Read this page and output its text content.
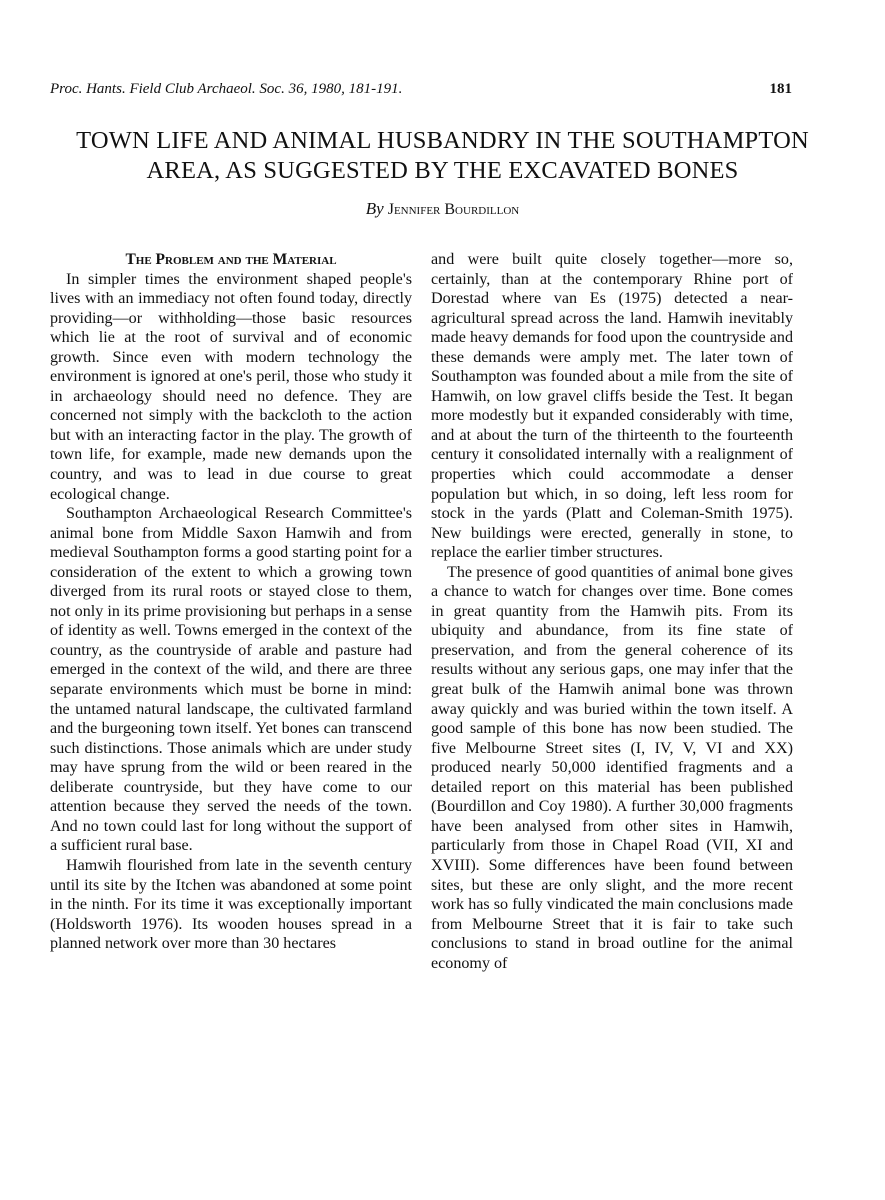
Proc. Hants. Field Club Archaeol. Soc. 36, 1980, 181-191.	181
TOWN LIFE AND ANIMAL HUSBANDRY IN THE SOUTHAMPTON
AREA, AS SUGGESTED BY THE EXCAVATED BONES
By Jennifer Bourdillon
The Problem and the Material

In simpler times the environment shaped people's lives with an immediacy not often found today, directly providing—or withholding—those basic resources which lie at the root of survival and of economic growth. Since even with modern technology the environment is ignored at one's peril, those who study it in archaeology should need no defence. They are concerned not simply with the backcloth to the action but with an interacting factor in the play. The growth of town life, for example, made new demands upon the country, and was to lead in due course to great ecological change.

Southampton Archaeological Research Committee's animal bone from Middle Saxon Hamwih and from medieval Southampton forms a good starting point for a consideration of the extent to which a growing town diverged from its rural roots or stayed close to them, not only in its prime provisioning but perhaps in a sense of identity as well. Towns emerged in the context of the country, as the countryside of arable and pasture had emerged in the context of the wild, and there are three separate environments which must be borne in mind: the untamed natural landscape, the cultivated farmland and the burgeoning town itself. Yet bones can transcend such distinctions. Those animals which are under study may have sprung from the wild or been reared in the deliberate countryside, but they have come to our attention because they served the needs of the town. And no town could last for long without the support of a sufficient rural base.

Hamwih flourished from late in the seventh century until its site by the Itchen was abandoned at some point in the ninth. For its time it was exceptionally important (Holdsworth 1976). Its wooden houses spread in a planned network over more than 30 hectares

and were built quite closely together—more so, certainly, than at the contemporary Rhine port of Dorestad where van Es (1975) detected a near-agricultural spread across the land. Hamwih inevitably made heavy demands for food upon the countryside and these demands were amply met. The later town of Southampton was founded about a mile from the site of Hamwih, on low gravel cliffs beside the Test. It began more modestly but it expanded considerably with time, and at about the turn of the thirteenth to the fourteenth century it consolidated internally with a realignment of properties which could accommodate a denser population but which, in so doing, left less room for stock in the yards (Platt and Coleman-Smith 1975). New buildings were erected, generally in stone, to replace the earlier timber structures.

The presence of good quantities of animal bone gives a chance to watch for changes over time. Bone comes in great quantity from the Hamwih pits. From its ubiquity and abundance, from its fine state of preservation, and from the general coherence of its results without any serious gaps, one may infer that the great bulk of the Hamwih animal bone was thrown away quickly and was buried within the town itself. A good sample of this bone has now been studied. The five Melbourne Street sites (I, IV, V, VI and XX) produced nearly 50,000 identified fragments and a detailed report on this material has been published (Bourdillon and Coy 1980). A further 30,000 fragments have been analysed from other sites in Hamwih, particularly from those in Chapel Road (VII, XI and XVIII). Some differences have been found between sites, but these are only slight, and the more recent work has so fully vindicated the main conclusions made from Melbourne Street that it is fair to take such conclusions to stand in broad outline for the animal economy of
